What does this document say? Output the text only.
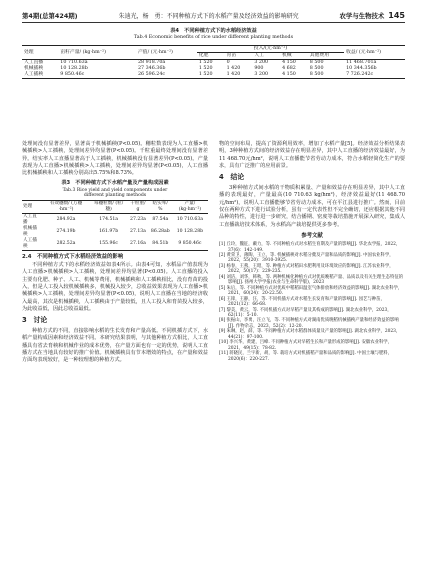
第4期(总第424期)	朱迪光，杨　勇：不同种植方式下的水稻产量及经济效益的影响研究	农学与生物技术 145
表4　不同种植方式下的水稻经济效益
Tab.4 Economic benefits of rice under different planting methods
处理	亩籽产量/ (kg·hm⁻²)	产值/ (元·hm⁻²)	投入/(元·hm⁻²)					收益/ (元·hm⁻²)
			化肥	育苗	人工	机械	其他费用	
人工直播	10 710.63a	28 918.70a	1 520	0	3 200	4 150	8 500	11 468.701a
机械插秧	10 128.28b	27 346.36b	1 520	1 420	900	4 682	8 500	10 344.356b
人工插秧	9 850.46c	26 596.24c	1 520	1 420	3 200	4 150	8 500	7 726.242c

处理间没有显著差异，显著高于机械插秧(P<0.05)。穗粒数表现为人工直播>机械插秧>人工插秧，处理间差异均显著(P<0.05)。千粒重最终处理间没有显著差异。结实率人工直播显著高于人工插秧，机械插秧没有显著差异(P<0.05)。产量表现为人工直播>机械插秧>人工插秧，处理间差异均显著(P<0.05)，人工直播比机械插秧和人工插秧分别高出5.75%和8.73%。

表3　不同种植方式下水稻产量及产量构成因素
Tab.3 Rice yield and yield components under
different planting methods
处理	有效穗数/ (万穗·hm⁻²)	每穗粒数/ (粒/穗)	千粒重/ g	结实率/ %	产量/ (kg·hm⁻²)
人工直播	284.92a	174.51a	27.23a	87.54a	10 710.63a
机械插秧	274.19b	161.97b	27.13a	86.28ab	10 128.28b
人工插秧	282.52a	155.96c	27.16a	84.51b	9 850.46c
2.4　不同种植方式下水稻经济效益的影响

不同种植方式下的水稻经济效益如表4所示。由表4可知，水稻品产值表现为人工直播>机械插秧>人工插秧，处理间差异均显著(P<0.05)。人工直播的投入主要有化肥、种子、人工、机械等费用，机械插秧和人工插秧相比，没有育苗的投入，但是人工投入较机械插秧多，机械投入较少，总收益效果表现为人工直播>机械插秧>人工插秧，处理间差异均显著(P<0.05)，说明人工直播在当地的经济收入最高，其次是机械插秧，人工插秧由于产量较低，且人工投入和育苗投入较多，为此收益低，因此总收益最低。

3　讨论

种植方式的不同，直接影响水稻的生长发育和产量高低。不同机插方式下，水稻产量构成因素和经济效益不同。本研究结果表明，与其他种植方式相比，人工直播具有省去育秧和机械作业的成本优势，在产量方面也有一定的优势，说明人工直播方式在当地具有较好的推广价值。机械插秧具有节本增效的特点，在产量和效益方面均表现较好，是一种较理想的种植方式。

物的空间布局，提高了资源利用效率，增加了水稻产量[5]。经济效益分析结果表明，3种种植方式间的经济效益存在明显差异，其中人工直播的经济效益最好，为11 468.70元/hm²，说明人工直播能节省劳动力成本，符合水稻轻简化生产的要求，具有广泛推广的应用前景。

4　结论

3种种植方式间水稻的干物质积累量、产量和效益存在明显差异，其中人工直播的表现最好，产量最高(10 710.63 kg/hm²)，经济效益最好(11 468.70元/hm²)，说明人工直播能够节省劳动力成本，可在平江县进行推广。然而，目前仅在两种方式下进行试验分析，虽有一定代表性但不完全确切，还应根据其他不同品种的特性，进行进一步研究，结合播期、密度等栽培措施开展深入研究，集成人工直播栽培技术体系，为水稻高产栽培提供更多参考。

参考文献
[1] 丘玲，魏征，戴力，等. 不同种植方式对水稻生育期及产量的影响[J]. 华北农学报，2022，37(6)：142-149.
[2] 黄荣卫，薄陶，王立，等. 机械插秧对水稻分蘖及产量和品质的影响[J]. 中国农业科学，2022，55(20)：3910-3925.
[3] 杨春，王燕，王昭，等. 种植方式对稻田水肥利用及环境效应的影响[J]. 江苏农业科学，2022，50(17)：229-235.
[4] 刘洁，刘华，韩秋，等. 两种机械化种植方式对优质晚稻产量、品质以及有关生理生态特征的影响[J]. 扬州大学学报(农业与生命科学版)，2023
[5] 朱后，等. 不同种植方式对优质中稻稻田温室气体排放和经济效益的影响[J]. 湖北农业科学，2021，60(24)：20-22.50.
[6] 王锋，王静，汪，等. 不同机插方式对水稻生长发育和产量的影响[J]. 园艺与种苗，2021(12)：66-68.
[7] 黎美，黄云，等. 不同机插方式对早稻产量及其构成的影响[J]. 湖北农业科学，2023，62(11)：5-10.
[8] 张振山，李勇，汪立飞，等. 不同种植方式对湖南优质晚稻机械插秧产量和经济效益的影响[J]. 作物杂志，2023，52(2)：12-20.
[9] 朱琳，赵，薛，等. 不同种植方式对水稻群体质量及产量的影响[J]. 湖北农业科学，2023，44(21)：97-100.
[10] 李兴华，黄建，吕峰. 不同种植方式对早稻生长和产量形成的影响[J]. 安徽农业科学，2021，49(15)：78-82.
[11] 蒋晓民，兰宇新，胡，等. 栽培方式对机插稻产量和品质的影响[J]. 中国土壤与肥料，2020(6)：220-227.
